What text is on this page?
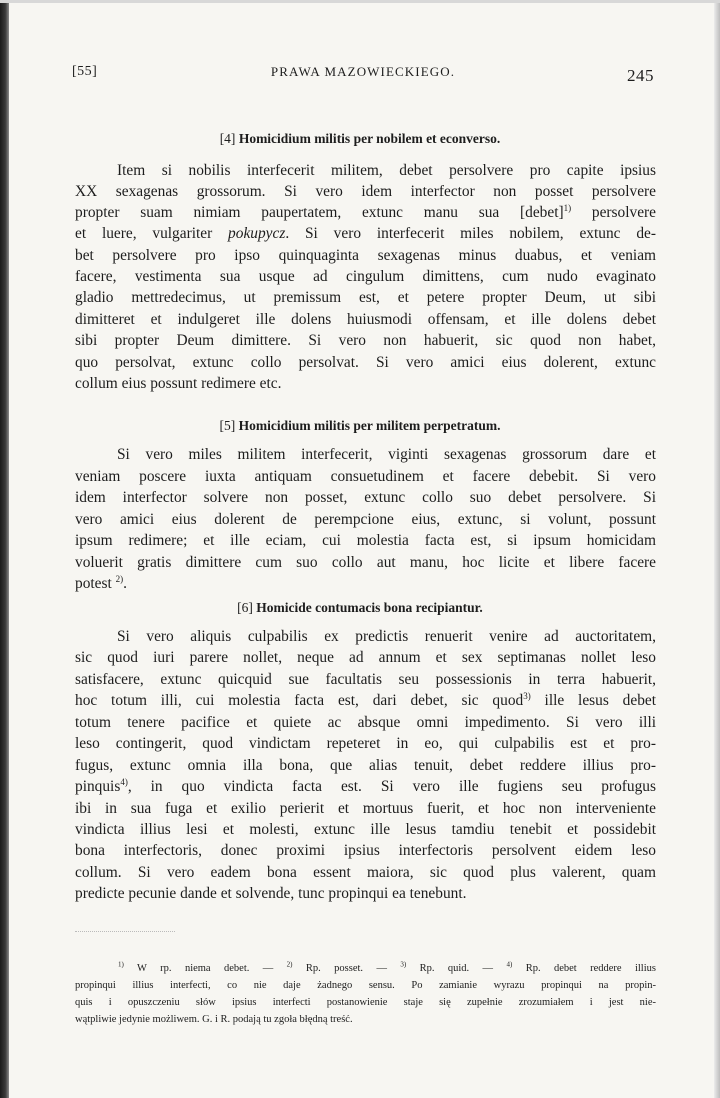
[55]	PRAWA MAZOWIECKIEGO.	245
[4] Homicidium militis per nobilem et econverso.
Item si nobilis interfecerit militem, debet persolvere pro capite ipsius
XX sexagenas grossorum. Si vero idem interfector non posset persolvere
propter suam nimiam paupertatem, extunc manu sua [debet]$^{1)}$ persolvere
et luere, vulgariter pokupycz. Si vero interfecerit miles nobilem, extunc de-
bet persolvere pro ipso quinquaginta sexagenas minus duabus, et veniam
facere, vestimenta sua usque ad cingulum dimittens, cum nudo evaginato
gladio mettredecimus, ut premissum est, et petere propter Deum, ut sibi
dimitteret et indulgeret ille dolens huiusmodi offensam, et ille dolens debet
sibi propter Deum dimittere. Si vero non habuerit, sic quod non habet,
quo persolvat, extunc collo persolvat. Si vero amici eius dolerent, extunc
collum eius possunt redimere etc.
[5] Homicidium militis per militem perpetratum.
Si vero miles militem interfecerit, viginti sexagenas grossorum dare et
veniam poscere iuxta antiquam consuetudinem et facere debebit. Si vero
idem interfector solvere non posset, extunc collo suo debet persolvere. Si
vero amici eius dolerent de perempcione eius, extunc, si volunt, possunt
ipsum redimere; et ille eciam, cui molestia facta est, si ipsum homicidam
voluerit gratis dimittere cum suo collo aut manu, hoc licite et libere facere
potest $^{2)}$.
[6] Homicide contumacis bona recipiantur.
Si vero aliquis culpabilis ex predictis renuerit venire ad auctoritatem,
sic quod iuri parere nollet, neque ad annum et sex septimanas nollet leso
satisfacere, extunc quicquid sue facultatis seu possessionis in terra habuerit,
hoc totum illi, cui molestia facta est, dari debet, sic quod$^{3)}$ ille lesus debet
totum tenere pacifice et quiete ac absque omni impedimento. Si vero illi
leso contingerit, quod vindictam repeteret in eo, qui culpabilis est et pro-
fugus, extunc omnia illa bona, que alias tenuit, debet reddere illius pro-
pinquis$^{4)}$, in quo vindicta facta est. Si vero ille fugiens seu profugus
ibi in sua fuga et exilio perierit et mortuus fuerit, et hoc non interveniente
vindicta illius lesi et molesti, extunc ille lesus tamdiu tenebit et possidebit
bona interfectoris, donec proximi ipsius interfectoris persolvent eidem leso
collum. Si vero eadem bona essent maiora, sic quod plus valerent, quam
predicte pecunie dande et solvende, tunc propinqui ea tenebunt.
$^{1)}$ W rp. niema debet. — $^{2)}$ Rp. posset. — $^{3)}$ Rp. quid. — $^{4)}$ Rp. debet reddere illius
propinqui illius interfecti, co nie daje żadnego sensu. Po zamianie wyrazu propinqui na propin-
quis i opuszczeniu słów ipsius interfecti postanowienie staje się zupełnie zrozumiałem i jest nie-
wątpliwie jedynie możliwem. G. i R. podają tu zgoła błędną treść.
